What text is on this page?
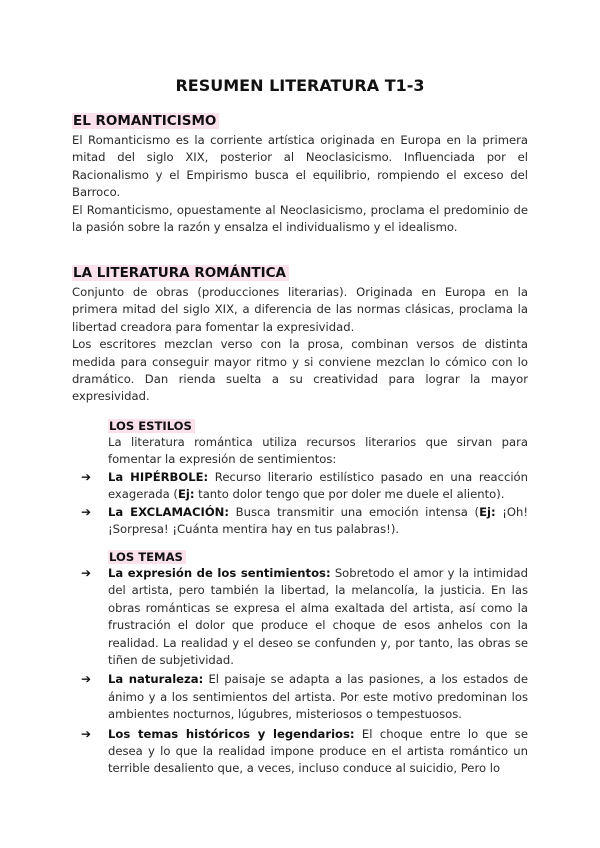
RESUMEN LITERATURA T1-3
EL ROMANTICISMO

El Romanticismo es la corriente artística originada en Europa en la primera mitad del siglo XIX, posterior al Neoclasicismo. Influenciada por el Racionalismo y el Empirismo busca el equilibrio, rompiendo el exceso del Barroco.

El Romanticismo, opuestamente al Neoclasicismo, proclama el predominio de la pasión sobre la razón y ensalza el individualismo y el idealismo.

LA LITERATURA ROMÁNTICA

Conjunto de obras (producciones literarias). Originada en Europa en la primera mitad del siglo XIX, a diferencia de las normas clásicas, proclama la libertad creadora para fomentar la expresividad.

Los escritores mezclan verso con la prosa, combinan versos de distinta medida para conseguir mayor ritmo y si conviene mezclan lo cómico con lo dramático. Dan rienda suelta a su creatividad para lograr la mayor expresividad.

LOS ESTILOS

La literatura romántica utiliza recursos literarios que sirvan para fomentar la expresión de sentimientos:

➔ La HIPÉRBOLE: Recurso literario estilístico pasado en una reacción exagerada (Ej: tanto dolor tengo que por doler me duele el aliento).
➔ La EXCLAMACIÓN: Busca transmitir una emoción intensa (Ej: ¡Oh! ¡Sorpresa! ¡Cuánta mentira hay en tus palabras!).
LOS TEMAS
➔ La expresión de los sentimientos: Sobretodo el amor y la intimidad del artista, pero también la libertad, la melancolía, la justicia. En las obras románticas se expresa el alma exaltada del artista, así como la frustración el dolor que produce el choque de esos anhelos con la realidad. La realidad y el deseo se confunden y, por tanto, las obras se tiñen de subjetividad.
➔ La naturaleza: El paisaje se adapta a las pasiones, a los estados de ánimo y a los sentimientos del artista. Por este motivo predominan los ambientes nocturnos, lúgubres, misteriosos o tempestuosos.
➔ Los temas históricos y legendarios: El choque entre lo que se desea y lo que la realidad impone produce en el artista romántico un terrible desaliento que, a veces, incluso conduce al suicidio, Pero lo
